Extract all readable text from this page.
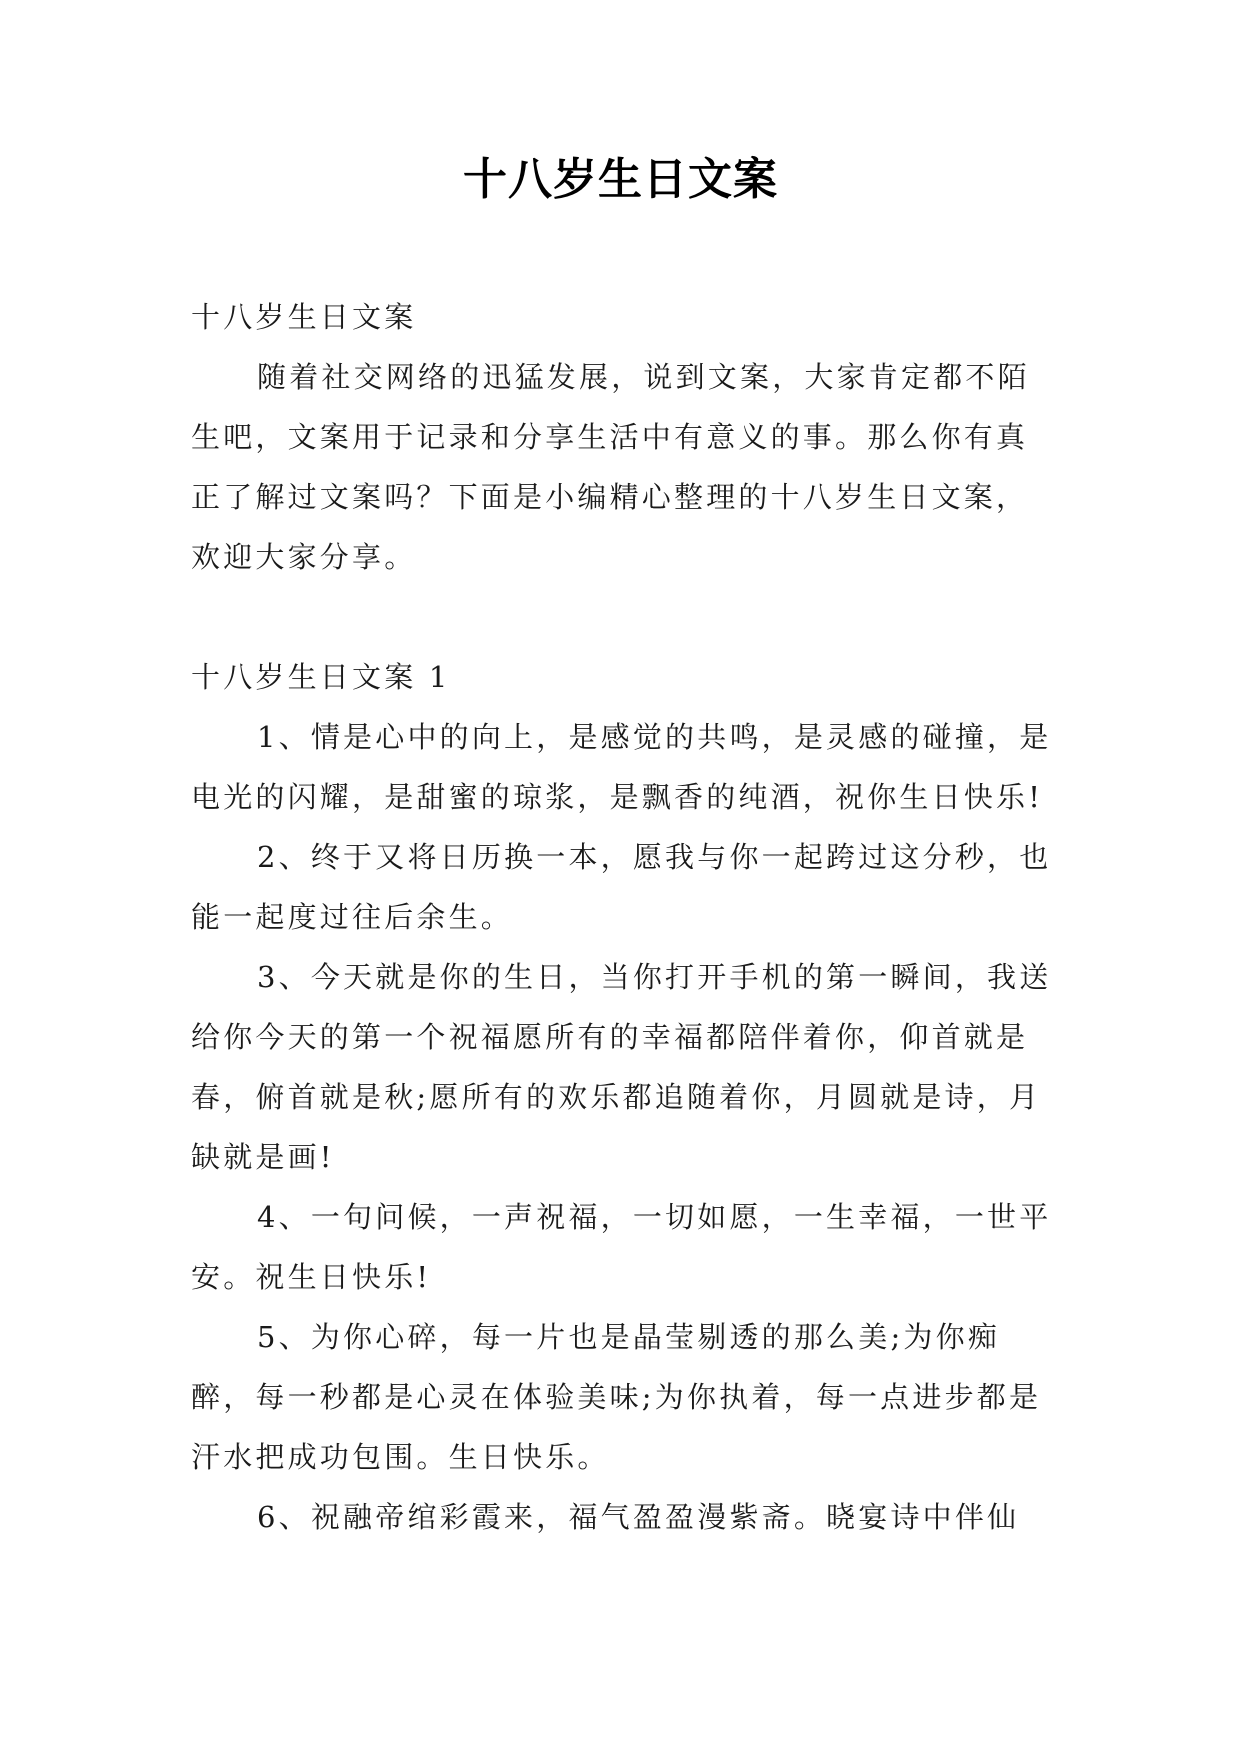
十八岁生日文案

十八岁生日文案

随着社交网络的迅猛发展，说到文案，大家肯定都不陌生吧，文案用于记录和分享生活中有意义的事。那么你有真正了解过文案吗？下面是小编精心整理的十八岁生日文案，欢迎大家分享。

十八岁生日文案 1

1、情是心中的向上，是感觉的共鸣，是灵感的碰撞，是电光的闪耀，是甜蜜的琼浆，是飘香的纯酒，祝你生日快乐!

2、终于又将日历换一本，愿我与你一起跨过这分秒，也能一起度过往后余生。

3、今天就是你的生日，当你打开手机的第一瞬间，我送给你今天的第一个祝福愿所有的幸福都陪伴着你，仰首就是春，俯首就是秋;愿所有的欢乐都追随着你，月圆就是诗，月缺就是画!

4、一句问候，一声祝福，一切如愿，一生幸福，一世平安。祝生日快乐!

5、为你心碎，每一片也是晶莹剔透的那么美;为你痴醉，每一秒都是心灵在体验美味;为你执着，每一点进步都是汗水把成功包围。生日快乐。

6、祝融帝绾彩霞来，福气盈盈漫紫斋。晓宴诗中伴仙
